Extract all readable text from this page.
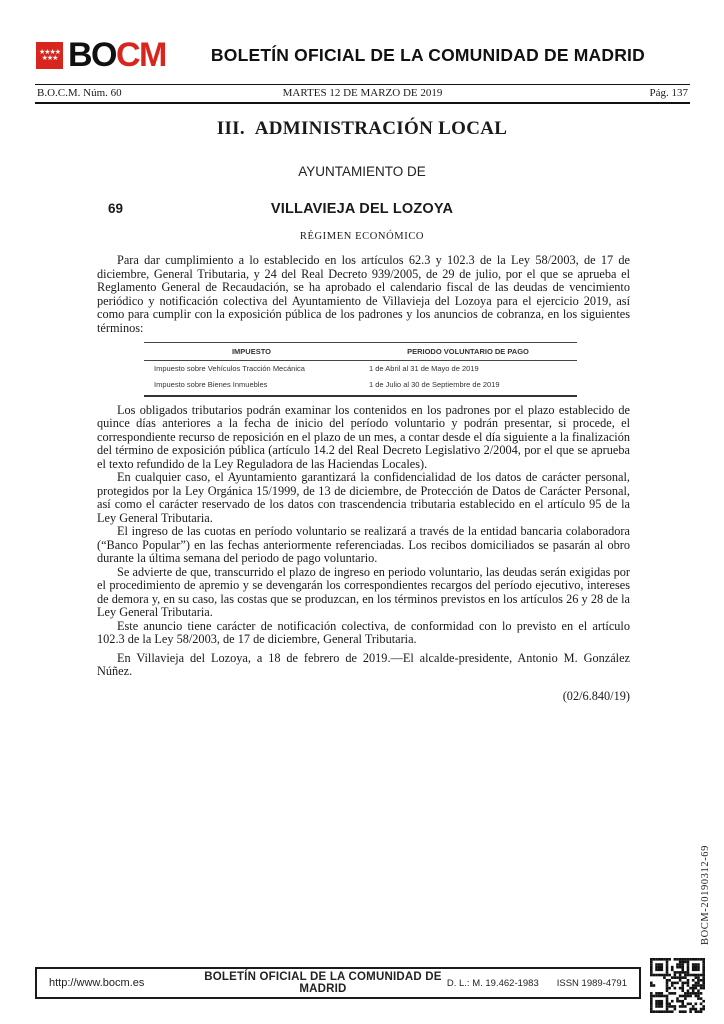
★★★★
★★★ BOCM	BOLETÍN OFICIAL DE LA COMUNIDAD DE MADRID
B.O.C.M. Núm. 60	MARTES 12 DE MARZO DE 2019	Pág. 137
III. ADMINISTRACIÓN LOCAL
AYUNTAMIENTO DE
69	VILLAVIEJA DEL LOZOYA
RÉGIMEN ECONÓMICO

Para dar cumplimiento a lo establecido en los artículos 62.3 y 102.3 de la Ley 58/2003, de 17 de diciembre, General Tributaria, y 24 del Real Decreto 939/2005, de 29 de julio, por el que se aprueba el Reglamento General de Recaudación, se ha aprobado el calendario fiscal de las deudas de vencimiento periódico y notificación colectiva del Ayuntamiento de Villavieja del Lozoya para el ejercicio 2019, así como para cumplir con la exposición pública de los padrones y los anuncios de cobranza, en los siguientes términos:

IMPUESTO	PERIODO VOLUNTARIO DE PAGO
Impuesto sobre Vehículos Tracción Mecánica	1 de Abril al 31 de Mayo de 2019
Impuesto sobre Bienes Inmuebles	1 de Julio al 30 de Septiembre de 2019

Los obligados tributarios podrán examinar los contenidos en los padrones por el plazo establecido de quince días anteriores a la fecha de inicio del período voluntario y podrán presentar, si procede, el correspondiente recurso de reposición en el plazo de un mes, a contar desde el día siguiente a la finalización del término de exposición pública (artículo 14.2 del Real Decreto Legislativo 2/2004, por el que se aprueba el texto refundido de la Ley Reguladora de las Haciendas Locales).

En cualquier caso, el Ayuntamiento garantizará la confidencialidad de los datos de carácter personal, protegidos por la Ley Orgánica 15/1999, de 13 de diciembre, de Protección de Datos de Carácter Personal, así como el carácter reservado de los datos con trascendencia tributaria establecido en el artículo 95 de la Ley General Tributaria.

El ingreso de las cuotas en período voluntario se realizará a través de la entidad bancaria colaboradora (“Banco Popular”) en las fechas anteriormente referenciadas. Los recibos domiciliados se pasarán al obro durante la última semana del periodo de pago voluntario.

Se advierte de que, transcurrido el plazo de ingreso en periodo voluntario, las deudas serán exigidas por el procedimiento de apremio y se devengarán los correspondientes recargos del período ejecutivo, intereses de demora y, en su caso, las costas que se produzcan, en los términos previstos en los artículos 26 y 28 de la Ley General Tributaria.

Este anuncio tiene carácter de notificación colectiva, de conformidad con lo previsto en el artículo 102.3 de la Ley 58/2003, de 17 de diciembre, General Tributaria.

En Villavieja del Lozoya, a 18 de febrero de 2019.—El alcalde-presidente, Antonio M. González Núñez.

(02/6.840/19)

BOCM-20190312-69
http://www.bocm.es	BOLETÍN OFICIAL DE LA COMUNIDAD DE MADRID	D. L.: M. 19.462-1983 ISSN 1989-4791
